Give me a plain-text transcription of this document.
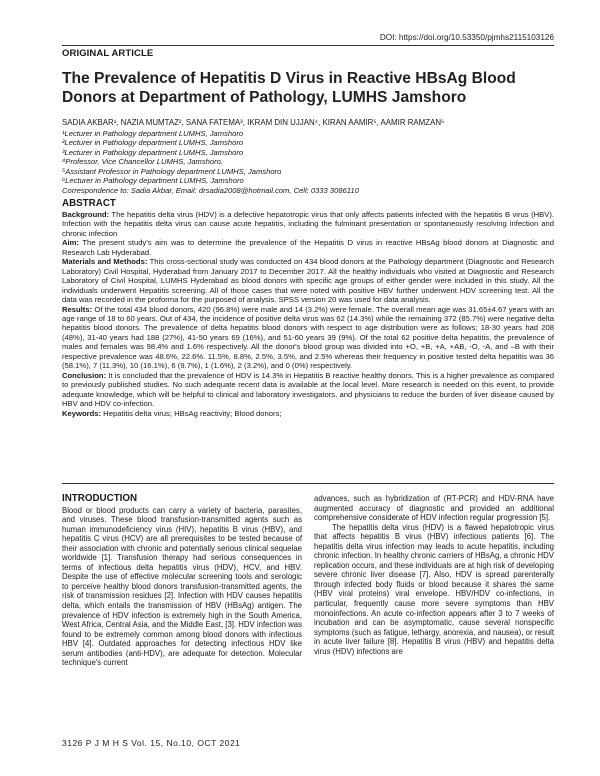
DOI: https://doi.org/10.53350/pjmhs2115103126
ORIGINAL ARTICLE
The Prevalence of Hepatitis D Virus in Reactive HBsAg Blood Donors at Department of Pathology, LUMHS Jamshoro
SADIA AKBAR¹, NAZIA MUMTAZ², SANA FATEMA³, IKRAM DIN UJJAN⁴, KIRAN AAMIR⁵, AAMIR RAMZAN⁶
¹Lecturer in Pathology department LUMHS, Jamshoro
²Lecturer in Pathology department LUMHS, Jamshoro
³Lecturer in Pathology department LUMHS, Jamshoro
⁴Professor, Vice Chancellor LUMHS, Jamshoro.
⁵Assistant Professor in Pathology department LUMHS, Jamshoro
⁶Lecturer in Pathology department LUMHS, Jamshoro
Correspondence to: Sadia Akbar, Email: drsadia2008@hotmail.com, Cell: 0333 3086110
ABSTRACT

Background: The hepatitis delta virus (HDV) is a defective hepatotropic virus that only affects patients infected with the hepatitis B virus (HBV). Infection with the hepatitis delta virus can cause acute hepatitis, including the fulminant presentation or spontaneously resolving infection and chronic infection

Aim: The present study's aim was to determine the prevalence of the Hepatitis D virus in reactive HBsAg blood donors at Diagnostic and Research Lab Hyderabad.

Materials and Methods: This cross-sectional study was conducted on 434 blood donors at the Pathology department (Diagnostic and Research Laboratory) Civil Hospital, Hyderabad from January 2017 to December 2017. All the healthy individuals who visited at Diagnostic and Research Laboratory of Civil Hospital, LUMHS Hyderabad as blood donors with specific age groups of either gender were included in this study. All the individuals underwent Hepatitis screening. All of those cases that were noted with positive HBV further underwent HDV screening test. All the data was recorded in the proforma for the purposed of analysis. SPSS version 20 was used for data analysis.

Results: Of the total 434 blood donors, 420 (96.8%) were male and 14 (3.2%) were female. The overall mean age was 31.65±4.67 years with an age range of 18 to 60 years. Out of 434, the incidence of positive delta virus was 62 (14.3%) while the remaining 372 (85.7%) were negative delta hepatitis blood donors. The prevalence of delta hepatitis blood donors with respect to age distribution were as follows; 18-30 years had 208 (48%), 31-40 years had 188 (27%), 41-50 years 69 (16%), and 51-60 years 39 (9%). Of the total 62 positive delta hepatitis, the prevalence of males and females was 98.4% and 1.6% respectively. All the donor's blood group was divided into +O, +B, +A, +AB, -O, -A, and –B with their respective prevalence was 48.6%, 22.6%. 11.5%, 8.8%, 2.5%, 3.5%, and 2.5% whereas their frequency in positive tested delta hepatitis was 36 (58.1%), 7 (11.3%), 10 (16.1%), 6 (9.7%), 1 (1.6%), 2 (3.2%), and 0 (0%) respectively.

Conclusion: It is concluded that the prevalence of HDV is 14.3% in Hepatitis B reactive healthy donors. This is a higher prevalence as compared to previously published studies. No such adequate recent data is available at the local level. More research is needed on this event, to provide adequate knowledge, which will be helpful to clinical and laboratory investigators, and physicians to reduce the burden of liver disease caused by HBV and HDV co-infection.

Keywords: Hepatitis delta virus; HBsAg reactivity; Blood donors;

INTRODUCTION

Blood or blood products can carry a variety of bacteria, parasites, and viruses. These blood transfusion-transmitted agents such as human immunodeficiency virus (HIV), hepatitis B virus (HBV), and hepatitis C virus (HCV) are all prerequisites to be tested because of their association with chronic and potentially serious clinical sequelae worldwide [1]. Transfusion therapy had serious consequences in terms of infectious delta hepatitis virus (HDV), HCV, and HBV. Despite the use of effective molecular screening tools and serologic to perceive healthy blood donors transfusion-transmitted agents, the risk of transmission residues [2]. Infection with HDV causes hepatitis delta, which entails the transmission of HBV (HBsAg) antigen. The prevalence of HDV infection is extremely high in the South America, West Africa, Central Asia, and the Middle East, [3]. HDV infection was found to be extremely common among blood donors with infectious HBV [4]. Outdated approaches for detecting infectious HDV like serum antibodies (anti-HDV), are adequate for detection. Molecular technique's current

advances, such as hybridization of (RT-PCR) and HDV-RNA have augmented accuracy of diagnostic and provided an additional comprehensive considerate of HDV infection regular progression [5].

The hepatitis delta virus (HDV) is a flawed hepatotropic virus that affects hepatitis B virus (HBV) infectious patients [6]. The hepatitis delta virus infection may leads to acute hepatitis, including chronic infection. In healthy chronic carriers of HBsAg, a chronic HDV replication occurs, and these individuals are at high risk of developing severe chronic liver disease [7]. Also, HDV is spread parenterally through infected body fluids or blood because it shares the same (HBV viral proteins) viral envelope. HBV/HDV co-infections, in particular, frequently cause more severe symptoms than HBV monoinfections. An acute co-infection appears after 3 to 7 weeks of incubation and can be asymptomatic, cause several nonspecific symptoms (such as fatigue, lethargy, anorexia, and nausea), or result in acute liver failure [8]. Hepatitis B virus (HBV) and hepatitis delta virus (HDV) infections are

3126 P J M H S Vol. 15, No.10, OCT 2021
